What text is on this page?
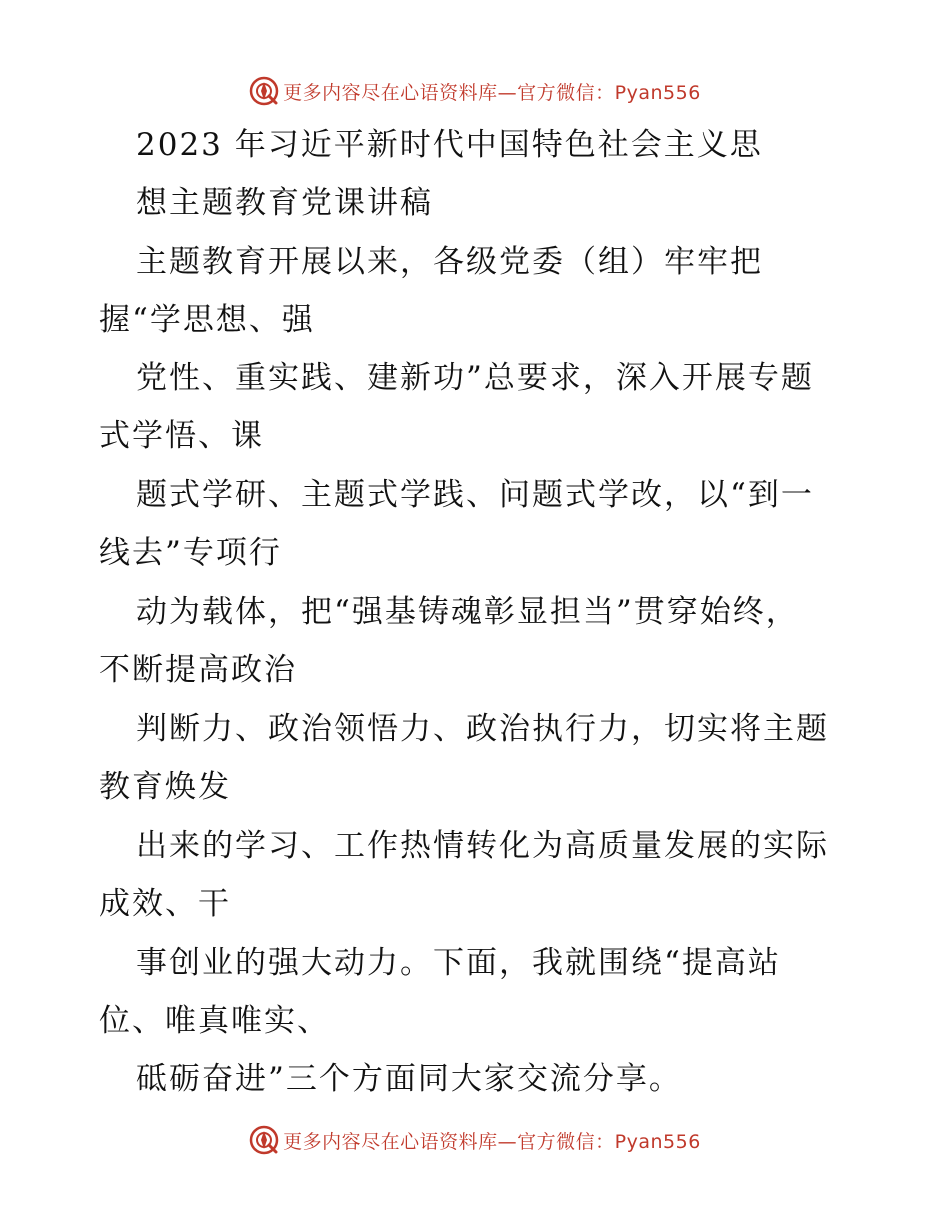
更多内容尽在心语资料库—官方微信：Pyan556
2023 年习近平新时代中国特色社会主义思
想主题教育党课讲稿
主题教育开展以来，各级党委（组）牢牢把
握“学思想、强
党性、重实践、建新功”总要求，深入开展专题
式学悟、课
题式学研、主题式学践、问题式学改，以“到一
线去”专项行
动为载体，把“强基铸魂彰显担当”贯穿始终，
不断提高政治
判断力、政治领悟力、政治执行力，切实将主题
教育焕发
出来的学习、工作热情转化为高质量发展的实际
成效、干
事创业的强大动力。下面，我就围绕“提高站
位、唯真唯实、
砥砺奋进”三个方面同大家交流分享。
更多内容尽在心语资料库—官方微信：Pyan556
